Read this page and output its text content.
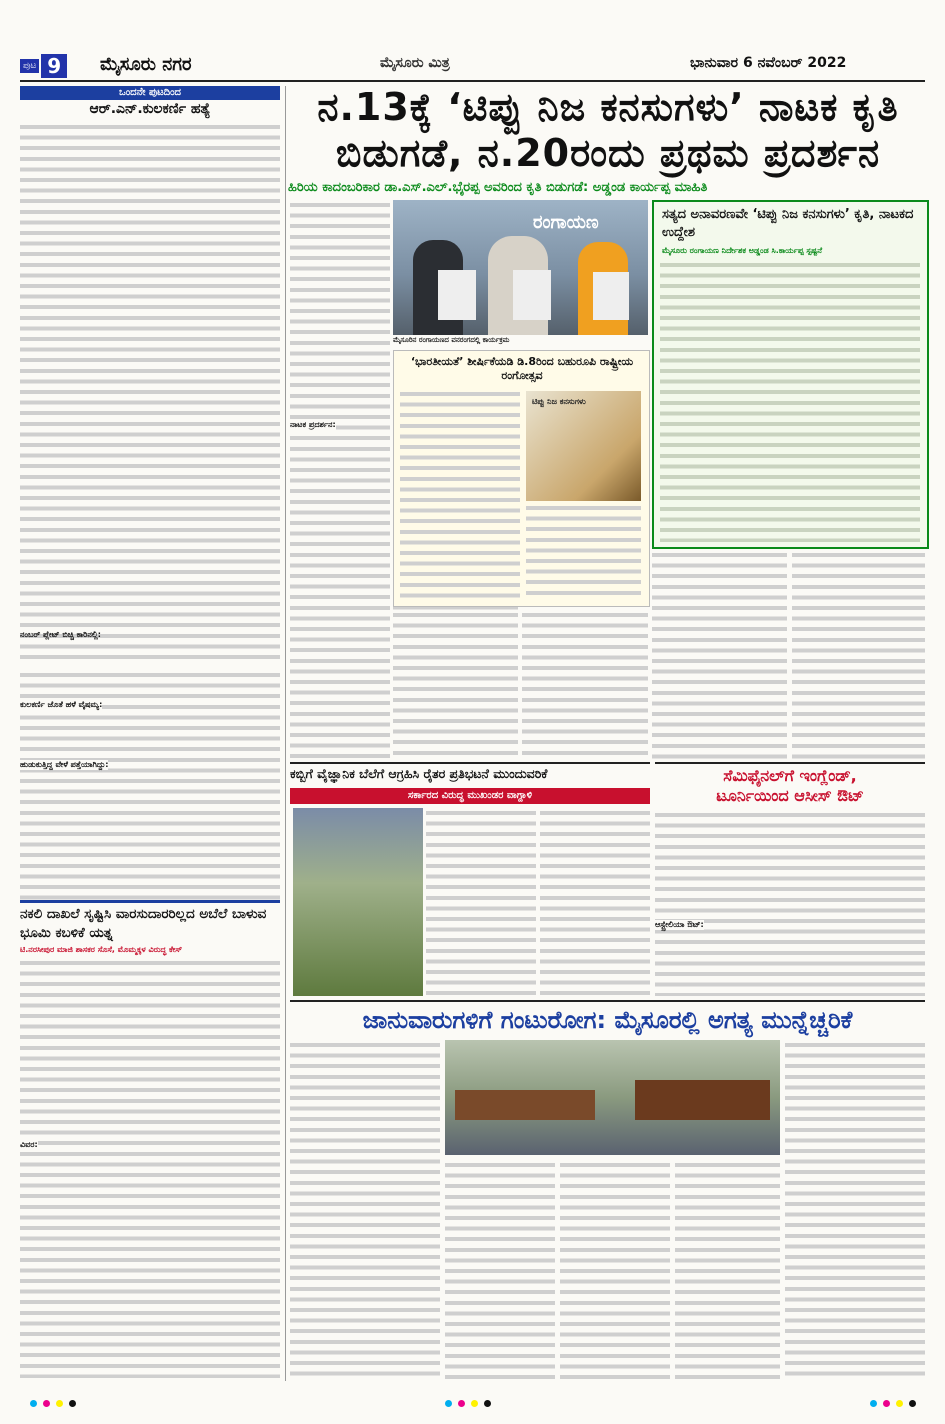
ಪುಟ 9	ಮೈಸೂರು ನಗರ	ಮೈಸೂರು ಮಿತ್ರ	ಭಾನುವಾರ 6 ನವೆಂಬರ್ 2022
ಒಂದನೇ ಪುಟದಿಂದ
ಆರ್.ಎನ್.ಕುಲಕರ್ಣಿ ಹತ್ಯೆ
ನಂಬರ್ ಪ್ಲೇಟ್ ಬಿಚ್ಚಿ ಕಾರಿನಲ್ಲಿ:
ಕುಲಕರ್ಣಿ ಜೊತೆ ಹಳೆ ವೈಷಮ್ಯ:
ಹುಡುಕುತ್ತಿದ್ದ ವೇಳೆ ಪತ್ತೆಯಾಗಿದ್ದು:
ನಕಲಿ ದಾಖಲೆ ಸೃಷ್ಟಿಸಿ ವಾರಸುದಾರರಿಲ್ಲದ ಅಬೆಲೆ ಬಾಳುವ ಭೂಮಿ ಕಬಳಿಕೆ ಯತ್ನ
ಟಿ.ನರಸೀಪುರ ಮಾಜಿ ಶಾಸಕರ ಸೊಸೆ, ಮೊಮ್ಮಕ್ಕಳ ವಿರುದ್ಧ ಕೇಸ್
ವಿವರ:
ನ.13ಕ್ಕೆ ‘ಟಿಪ್ಪು ನಿಜ ಕನಸುಗಳು’ ನಾಟಕ ಕೃತಿ
ಬಿಡುಗಡೆ, ನ.20ರಂದು ಪ್ರಥಮ ಪ್ರದರ್ಶನ
ಹಿರಿಯ ಕಾದಂಬರಿಕಾರ ಡಾ.ಎಸ್.ಎಲ್.ಭೈರಪ್ಪ ಅವರಿಂದ ಕೃತಿ ಬಿಡುಗಡೆ: ಅಡ್ಡಂಡ ಕಾರ್ಯಪ್ಪ ಮಾಹಿತಿ
ರಂಗಾಯಣ
ಮೈಸೂರಿನ ರಂಗಾಯಣದ ವನರಂಗದಲ್ಲಿ ಕಾರ್ಯಕ್ರಮ
‘ಭಾರತೀಯತೆ’ ಶೀರ್ಷಿಕೆಯಡಿ ಡಿ.8ರಿಂದ ಬಹುರೂಪಿ ರಾಷ್ಟ್ರೀಯ ರಂಗೋತ್ಸವ
ಟಿಪ್ಪು ನಿಜ ಕನಸುಗಳು
ನಾಟಕ ಪ್ರದರ್ಶನ:
ಸತ್ಯದ ಅನಾವರಣವೇ ‘ಟಿಪ್ಪು ನಿಜ ಕನಸುಗಳು’ ಕೃತಿ, ನಾಟಕದ ಉದ್ದೇಶ
ಮೈಸೂರು ರಂಗಾಯಣ ನಿರ್ದೇಶಕ ಅಡ್ಡಂಡ ಸಿ.ಕಾರ್ಯಪ್ಪ ಸ್ಪಷ್ಟನೆ
ಕಬ್ಬಿಗೆ ವೈಜ್ಞಾನಿಕ ಬೆಲೆಗೆ ಆಗ್ರಹಿಸಿ ರೈತರ ಪ್ರತಿಭಟನೆ ಮುಂದುವರಿಕೆ
ಸರ್ಕಾರದ ವಿರುದ್ಧ ಮುಖಂಡರ ವಾಗ್ದಾಳಿ
ಸೆಮಿಫೈನಲ್‌ಗೆ ಇಂಗ್ಲೆಂಡ್,
ಟೂರ್ನಿಯಿಂದ ಆಸೀಸ್ ಔಟ್
ಆಸ್ಟ್ರೇಲಿಯಾ ಔಟ್:
ಜಾನುವಾರುಗಳಿಗೆ ಗಂಟುರೋಗ: ಮೈಸೂರಲ್ಲಿ ಅಗತ್ಯ ಮುನ್ನೆಚ್ಚರಿಕೆ
